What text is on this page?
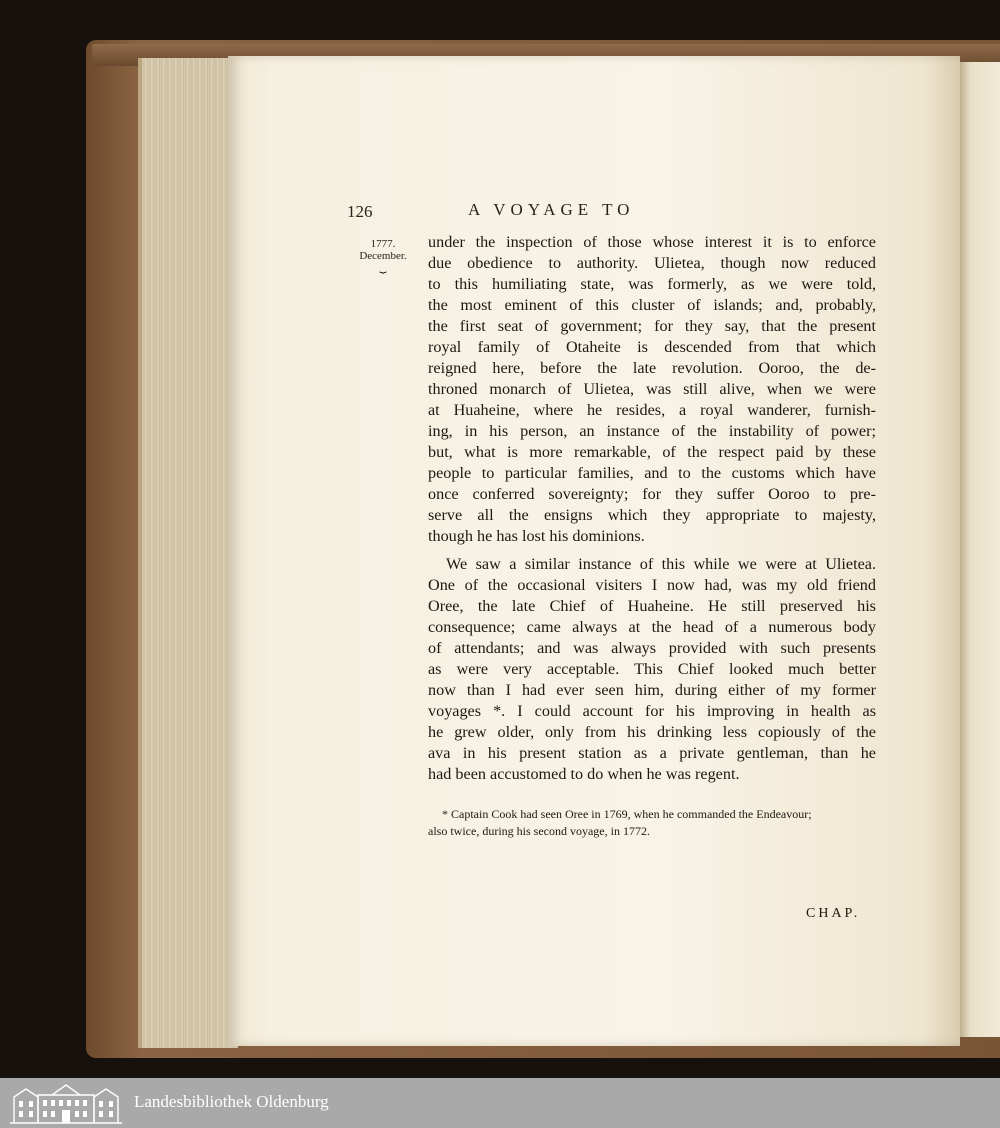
126	A VOYAGE TO
1777.
December.
⏟

under the inspection of those whose interest it is to enforce

due obedience to authority. Ulietea, though now reduced

to this humiliating state, was formerly, as we were told,

the most eminent of this cluster of islands; and, probably,

the first seat of government; for they say, that the present

royal family of Otaheite is descended from that which

reigned here, before the late revolution. Ooroo, the de-

throned monarch of Ulietea, was still alive, when we were

at Huaheine, where he resides, a royal wanderer, furnish-

ing, in his person, an instance of the instability of power;

but, what is more remarkable, of the respect paid by these

people to particular families, and to the customs which have

once conferred sovereignty; for they suffer Ooroo to pre-

serve all the ensigns which they appropriate to majesty,

though he has lost his dominions.

We saw a similar instance of this while we were at Ulietea.

One of the occasional visiters I now had, was my old friend

Oree, the late Chief of Huaheine. He still preserved his

consequence; came always at the head of a numerous body

of attendants; and was always provided with such presents

as were very acceptable. This Chief looked much better

now than I had ever seen him, during either of my former

voyages *. I could account for his improving in health as

he grew older, only from his drinking less copiously of the

ava in his present station as a private gentleman, than he

had been accustomed to do when he was regent.

* Captain Cook had seen Oree in 1769, when he commanded the Endeavour;

also twice, during his second voyage, in 1772.

CHAP.
Landesbibliothek Oldenburg
